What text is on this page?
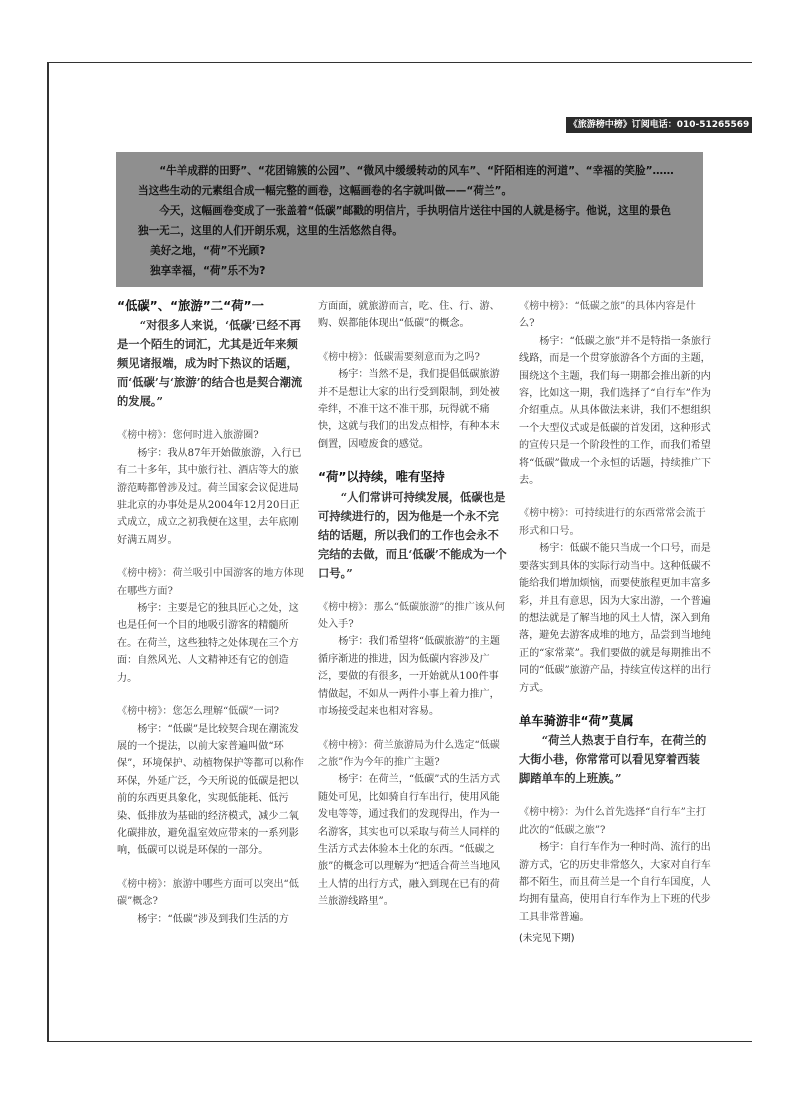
《旅游榜中榜》订阅电话：010-51265569

“牛羊成群的田野”、“花团锦簇的公园”、“微风中缓缓转动的风车”、“阡陌相连的河道”、“幸福的笑脸”……当这些生动的元素组合成一幅完整的画卷，这幅画卷的名字就叫做——“荷兰”。

今天，这幅画卷变成了一张盖着“低碳”邮戳的明信片，手执明信片送往中国的人就是杨宇。他说，这里的景色独一无二，这里的人们开朗乐观，这里的生活悠然自得。

美好之地，“荷”不光顾?

独享幸福，“荷”乐不为?

“低碳”、“旅游”二“荷”一

“对很多人来说，‘低碳’已经不再是一个陌生的词汇，尤其是近年来频频见诸报端，成为时下热议的话题，而‘低碳’与‘旅游’的结合也是契合潮流的发展。”

《榜中榜》：您何时进入旅游圈?

杨宇：我从87年开始做旅游，入行已有二十多年，其中旅行社、酒店等大的旅游范畴都曾涉及过。荷兰国家会议促进局驻北京的办事处是从2004年12月20日正式成立，成立之初我便在这里，去年底刚好满五周岁。

《榜中榜》：荷兰吸引中国游客的地方体现在哪些方面?

杨宇：主要是它的独具匠心之处，这也是任何一个目的地吸引游客的精髓所在。在荷兰，这些独特之处体现在三个方面：自然风光、人文精神还有它的创造力。

《榜中榜》：您怎么理解“低碳”一词?

杨宇：“低碳”是比较契合现在潮流发展的一个提法，以前大家普遍叫做“环保”，环境保护、动植物保护等都可以称作环保，外延广泛，今天所说的低碳是把以前的东西更具象化，实现低能耗、低污染、低排放为基础的经济模式，减少二氧化碳排放，避免温室效应带来的一系列影响，低碳可以说是环保的一部分。

《榜中榜》：旅游中哪些方面可以突出“低碳”概念?

杨宇：“低碳”涉及到我们生活的方

方面面，就旅游而言，吃、住、行、游、购、娱都能体现出“低碳”的概念。

《榜中榜》：低碳需要刻意而为之吗?

杨宇：当然不是，我们提倡低碳旅游并不是想让大家的出行受到限制，到处被牵绊，不准干这不准干那，玩得就不痛快，这就与我们的出发点相悖，有种本末倒置，因噎废食的感觉。

“荷”以持续，唯有坚持

“人们常讲可持续发展，低碳也是可持续进行的，因为他是一个永不完结的话题，所以我们的工作也会永不完结的去做，而且‘低碳’不能成为一个口号。”

《榜中榜》：那么“低碳旅游”的推广该从何处入手?

杨宇：我们希望将“低碳旅游”的主题循序渐进的推进，因为低碳内容涉及广泛，要做的有很多，一开始就从100件事情做起，不如从一两件小事上着力推广，市场接受起来也相对容易。

《榜中榜》：荷兰旅游局为什么选定“低碳之旅”作为今年的推广主题?

杨宇：在荷兰，“低碳”式的生活方式随处可见，比如骑自行车出行，使用风能发电等等，通过我们的发现得出，作为一名游客，其实也可以采取与荷兰人同样的生活方式去体验本土化的东西。“低碳之旅”的概念可以理解为“把适合荷兰当地风土人情的出行方式，融入到现在已有的荷兰旅游线路里”。

《榜中榜》：“低碳之旅”的具体内容是什么?

杨宇：“低碳之旅”并不是特指一条旅行线路，而是一个贯穿旅游各个方面的主题，围绕这个主题，我们每一期都会推出新的内容，比如这一期，我们选择了“自行车”作为介绍重点。从具体做法来讲，我们不想组织一个大型仪式或是低碳的首发团，这种形式的宣传只是一个阶段性的工作，而我们希望将“低碳”做成一个永恒的话题，持续推广下去。

《榜中榜》：可持续进行的东西常常会流于形式和口号。

杨宇：低碳不能只当成一个口号，而是要落实到具体的实际行动当中。这种低碳不能给我们增加烦恼，而要使旅程更加丰富多彩，并且有意思，因为大家出游，一个普遍的想法就是了解当地的风土人情，深入到角落，避免去游客成堆的地方，品尝到当地纯正的“家常菜”。我们要做的就是每期推出不同的“低碳”旅游产品，持续宣传这样的出行方式。

单车骑游非“荷”莫属

“荷兰人热衷于自行车，在荷兰的大街小巷，你常常可以看见穿着西装脚踏单车的上班族。”

《榜中榜》：为什么首先选择“自行车”主打此次的“低碳之旅”?

杨宇：自行车作为一种时尚、流行的出游方式，它的历史非常悠久，大家对自行车都不陌生，而且荷兰是一个自行车国度，人均拥有量高，使用自行车作为上下班的代步工具非常普遍。

(未完见下期)
